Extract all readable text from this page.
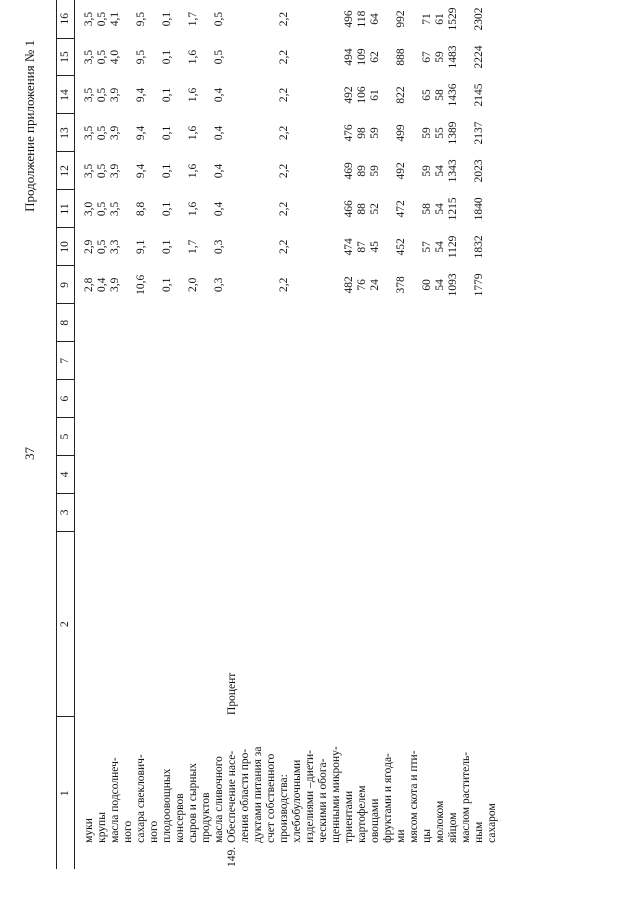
37
Продолжение приложения № 1
1		2	3	4	5	6	7	8	9	10	11	12	13	14	15	16

	муки								2,8	2,9	3,0	3,5	3,5	3,5	3,5	3,5
	крупы								0,4	0,5	0,5	0,5	0,5	0,5	0,5	0,5
	масла подсолнеч-								3,9	3,3	3,5	3,9	3,9	3,9	4,0	4,1
	ного															
	сахара свеклович-								10,6	9,1	8,8	9,4	9,4	9,4	9,5	9,5
	ного															
	плодоовощных								0,1	0,1	0,1	0,1	0,1	0,1	0,1	0,1
	консервов															
	сыров и сырных								2,0	1,7	1,6	1,6	1,6	1,6	1,6	1,7
	продуктов															
	масла сливочного								0,3	0,3	0,4	0,4	0,4	0,4	0,5	0,5
149.	Обеспечение насе-	Процент														
	ления области про-															
	дуктами питания за															
	счет собственного															
	производства:								2,2	2,2	2,2	2,2	2,2	2,2	2,2	2,2
	хлебобулочными															
	изделиями –диети-															
	ческими и обога-															
	щенными микрону-															
	триентами								482	474	466	469	476	492	494	496
	картофелем								76	87	88	89	98	106	109	118
	овощами								24	45	52	59	59	61	62	64
	фруктами и ягода-															
	ми								378	452	472	492	499	822	888	992
	мясом скота и пти-															
	цы								60	57	58	59	59	65	67	71
	молоком								54	54	54	54	55	58	59	61
	яйцом								1093	1129	1215	1343	1389	1436	1483	1529
	маслом раститель-															
	ным								1779	1832	1840	2023	2137	2145	2224	2302
	сахаром															
